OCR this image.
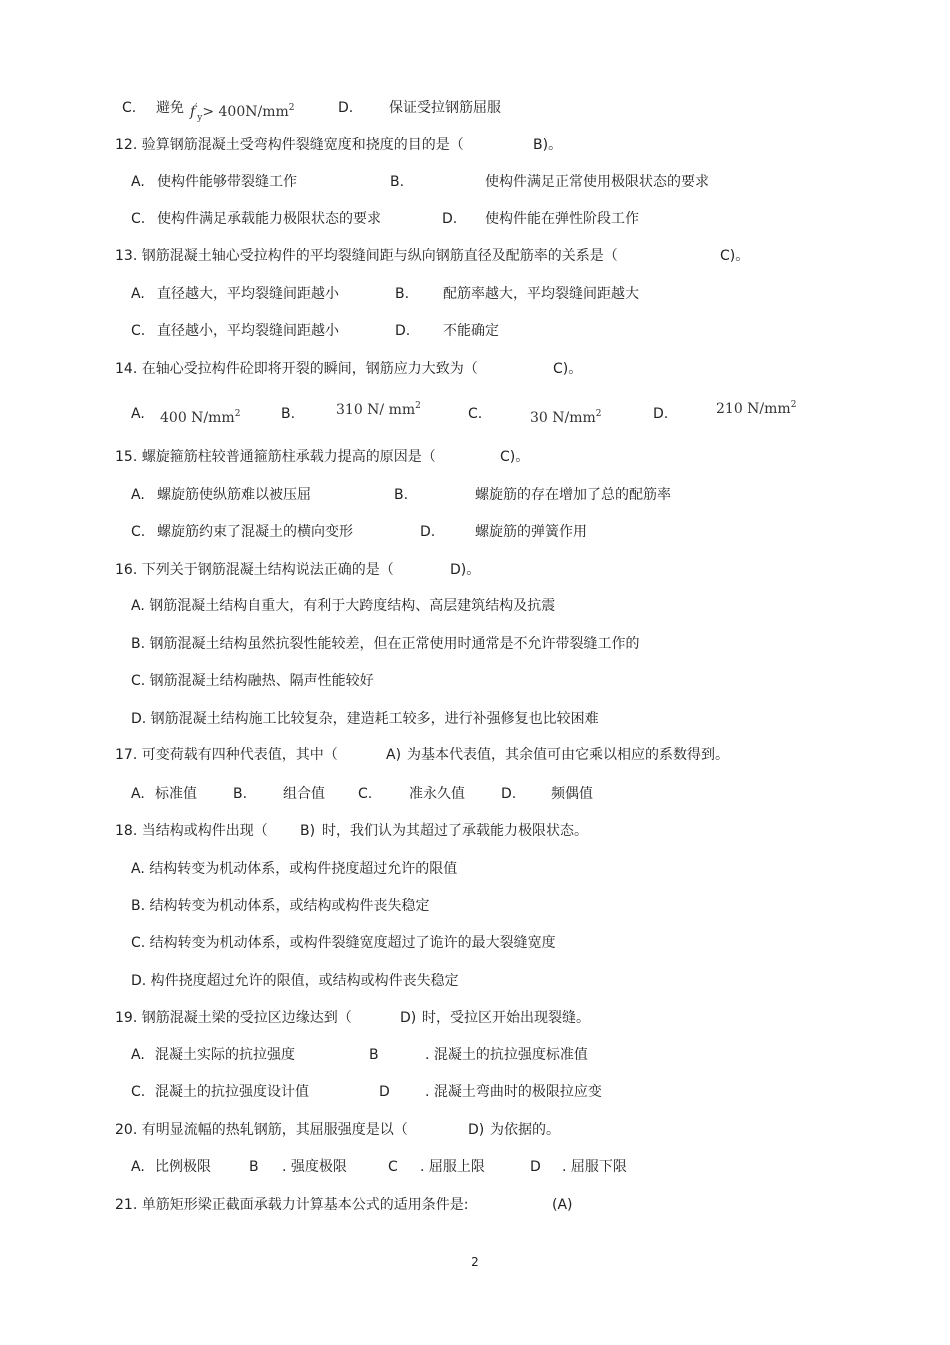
C. 避免 $f'_y> 400N/mm^2$	D.	保证受拉钢筋屈服
12. 验算钢筋混凝土受弯构件裂缝宽度和挠度的目的是（	B)。
A. 使构件能够带裂缝工作	B.	使构件满足正常使用极限状态的要求
C. 使构件满足承载能力极限状态的要求	D. 使构件能在弹性阶段工作
13. 钢筋混凝土轴心受拉构件的平均裂缝间距与纵向钢筋直径及配筋率的关系是（	C)。
A. 直径越大，平均裂缝间距越小	B. 配筋率越大，平均裂缝间距越大
C. 直径越小，平均裂缝间距越小	D. 不能确定
14. 在轴心受拉构件砼即将开裂的瞬间，钢筋应力大致为（	C)。
A. 400 $N/mm^2$	B.	310 N/ $mm^2$	C.	30 $N/mm^2$	D.	210 $N/mm^2$
15. 螺旋箍筋柱较普通箍筋柱承载力提高的原因是（	C)。
A. 螺旋筋使纵筋难以被压屈	B.	螺旋筋的存在增加了总的配筋率
C. 螺旋筋约束了混凝土的横向变形	D.	螺旋筋的弹簧作用
16. 下列关于钢筋混凝土结构说法正确的是（	D)。
A. 钢筋混凝土结构自重大，有利于大跨度结构、高层建筑结构及抗震
B. 钢筋混凝土结构虽然抗裂性能较差，但在正常使用时通常是不允许带裂缝工作的
C. 钢筋混凝土结构融热、隔声性能较好
D. 钢筋混凝土结构施工比较复杂，建造耗工较多，进行补强修复也比较困难
17. 可变荷载有四种代表值，其中（	A) 为基本代表值，其余值可由它乘以相应的系数得到。
A. 标准值	B.	组合值 C.	准永久值	D. 频偶值
18. 当结构或构件出现（ B) 时，我们认为其超过了承载能力极限状态。
A. 结构转变为机动体系，或构件挠度超过允许的限值
B. 结构转变为机动体系，或结构或构件丧失稳定
C. 结构转变为机动体系，或构件裂缝宽度超过了诡许的最大裂缝宽度
D. 构件挠度超过允许的限值，或结构或构件丧失稳定
19. 钢筋混凝土梁的受拉区边缘达到（	D) 时，受拉区开始出现裂缝。
A. 混凝土实际的抗拉强度	B	. 混凝土的抗拉强度标准值
C. 混凝土的抗拉强度设计值	D	. 混凝土弯曲时的极限拉应变
20. 有明显流幅的热轧钢筋，其屈服强度是以（	D) 为依据的。
A. 比例极限	B . 强度极限	C . 屈服上限	D . 屈服下限
21. 单筋矩形梁正截面承载力计算基本公式的适用条件是:	(A)
2
